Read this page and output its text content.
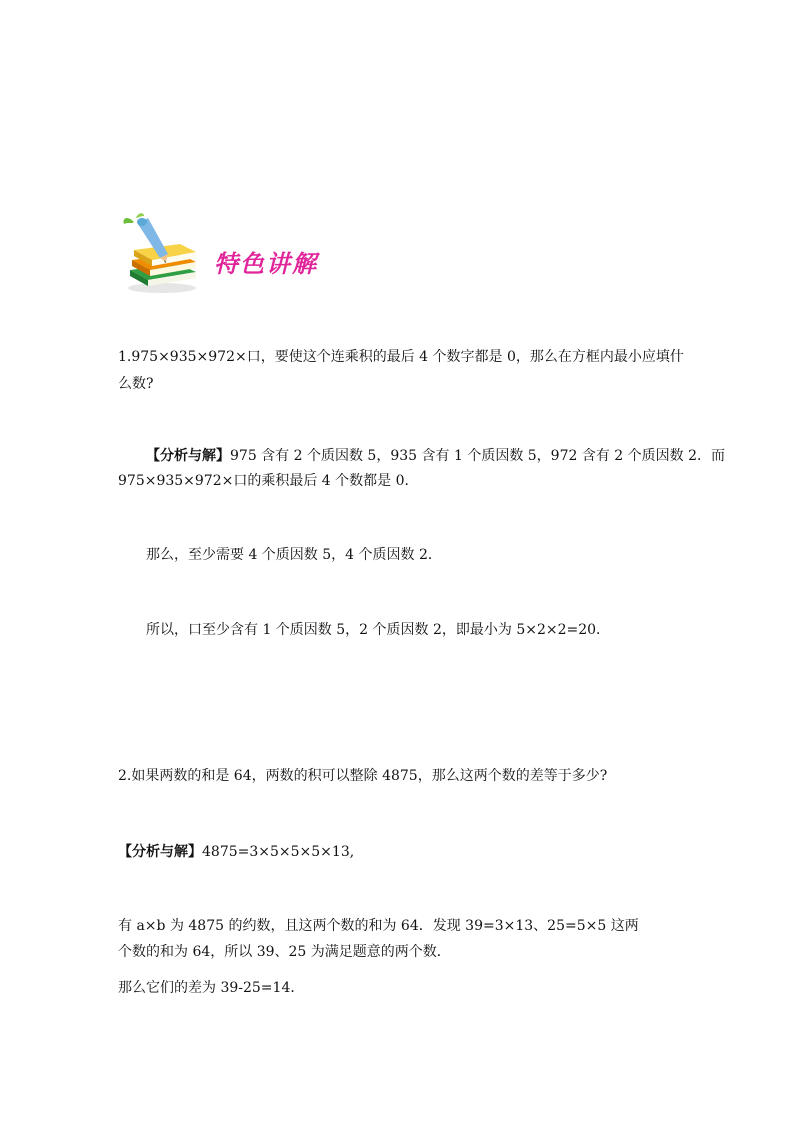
特色讲解
1.975×935×972×口，要使这个连乘积的最后 4 个数字都是 0，那么在方框内最小应填什
么数?
【分析与解】975 含有 2 个质因数 5，935 含有 1 个质因数 5，972 含有 2 个质因数 2．而
975×935×972×口的乘积最后 4 个数都是 0．
那么，至少需要 4 个质因数 5，4 个质因数 2．
所以，口至少含有 1 个质因数 5，2 个质因数 2，即最小为 5×2×2=20．
2.如果两数的和是 64，两数的积可以整除 4875，那么这两个数的差等于多少?
【分析与解】4875=3×5×5×5×13,
有 a×b 为 4875 的约数，且这两个数的和为 64．发现 39=3×13、25=5×5 这两
个数的和为 64，所以 39、25 为满足题意的两个数．
那么它们的差为 39-25=14．
